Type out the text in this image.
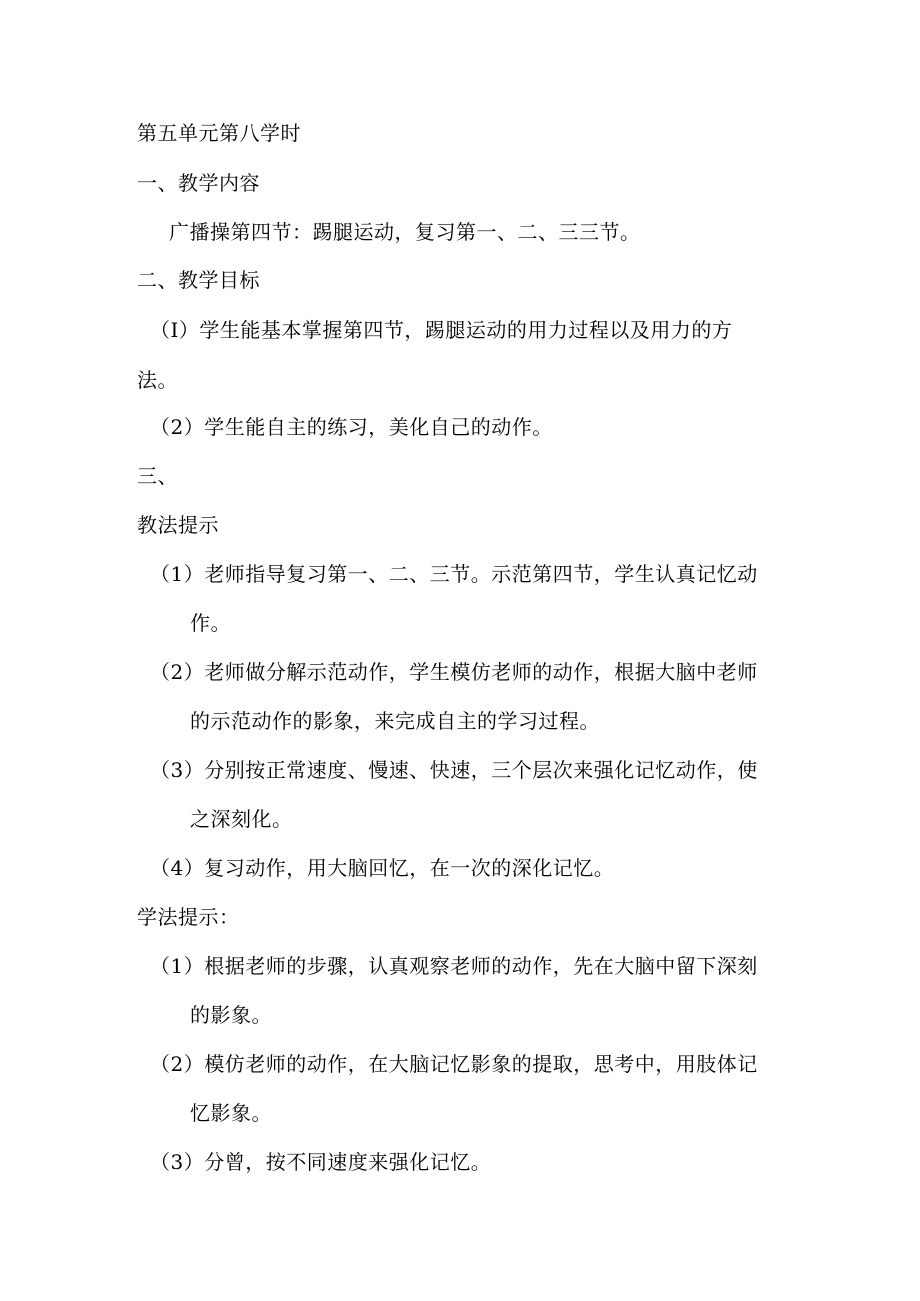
第五单元第八学时
一、教学内容
广播操第四节：踢腿运动，复习第一、二、三三节。
二、教学目标
（I）学生能基本掌握第四节，踢腿运动的用力过程以及用力的方
法。
（2）学生能自主的练习，美化自己的动作。
三、
教法提示
（1）老师指导复习第一、二、三节。示范第四节，学生认真记忆动
作。
（2）老师做分解示范动作，学生模仿老师的动作，根据大脑中老师
的示范动作的影象，来完成自主的学习过程。
（3）分别按正常速度、慢速、快速，三个层次来强化记忆动作，使
之深刻化。
（4）复习动作，用大脑回忆，在一次的深化记忆。
学法提示：
（1）根据老师的步骤，认真观察老师的动作，先在大脑中留下深刻
的影象。
（2）模仿老师的动作，在大脑记忆影象的提取，思考中，用肢体记
忆影象。
（3）分曾，按不同速度来强化记忆。
